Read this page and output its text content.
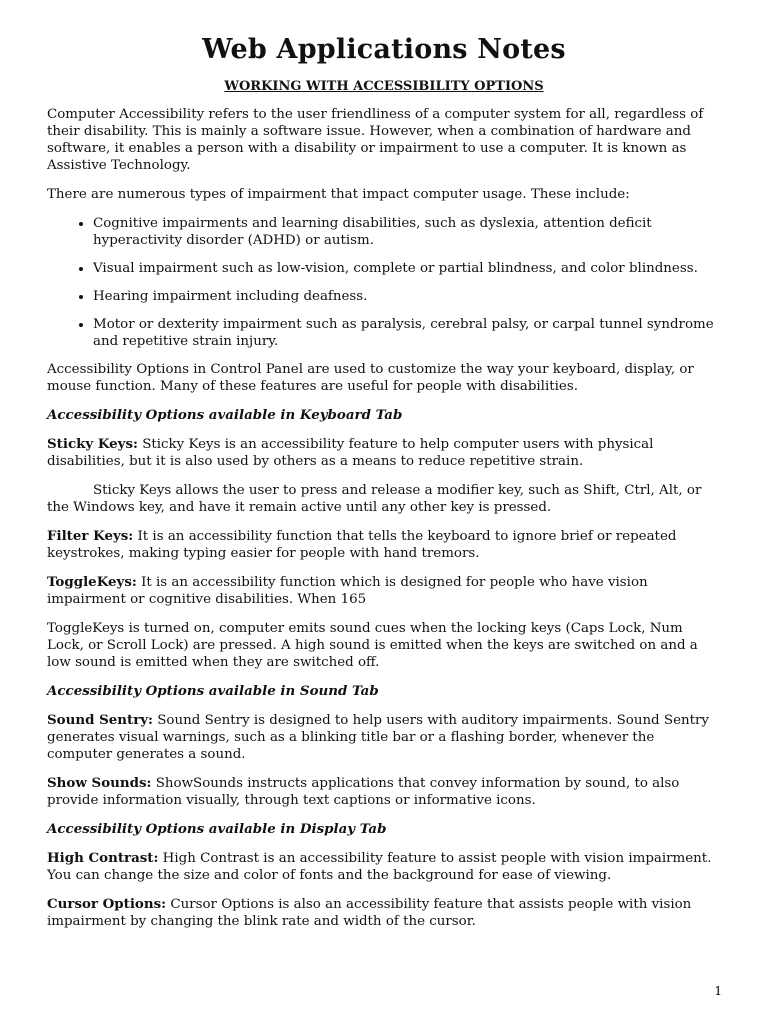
Web Applications Notes
WORKING WITH ACCESSIBILITY OPTIONS

Computer Accessibility refers to the user friendliness of a computer system for all, regardless of their disability. This is mainly a software issue. However, when a combination of hardware and software, it enables a person with a disability or impairment to use a computer. It is known as Assistive Technology.

There are numerous types of impairment that impact computer usage. These include:

• Cognitive impairments and learning disabilities, such as dyslexia, attention deficit hyperactivity disorder (ADHD) or autism.
• Visual impairment such as low-vision, complete or partial blindness, and color blindness.
• Hearing impairment including deafness.
• Motor or dexterity impairment such as paralysis, cerebral palsy, or carpal tunnel syndrome and repetitive strain injury.

Accessibility Options in Control Panel are used to customize the way your keyboard, display, or mouse function. Many of these features are useful for people with disabilities.

Accessibility Options available in Keyboard Tab

Sticky Keys: Sticky Keys is an accessibility feature to help computer users with physical disabilities, but it is also used by others as a means to reduce repetitive strain.

Sticky Keys allows the user to press and release a modifier key, such as Shift, Ctrl, Alt, or the Windows key, and have it remain active until any other key is pressed.

Filter Keys: It is an accessibility function that tells the keyboard to ignore brief or repeated keystrokes, making typing easier for people with hand tremors.

ToggleKeys: It is an accessibility function which is designed for people who have vision impairment or cognitive disabilities. When 165

ToggleKeys is turned on, computer emits sound cues when the locking keys (Caps Lock, Num Lock, or Scroll Lock) are pressed. A high sound is emitted when the keys are switched on and a low sound is emitted when they are switched off.

Accessibility Options available in Sound Tab

Sound Sentry: Sound Sentry is designed to help users with auditory impairments. Sound Sentry generates visual warnings, such as a blinking title bar or a flashing border, whenever the computer generates a sound.

Show Sounds: ShowSounds instructs applications that convey information by sound, to also provide information visually, through text captions or informative icons.

Accessibility Options available in Display Tab

High Contrast: High Contrast is an accessibility feature to assist people with vision impairment. You can change the size and color of fonts and the background for ease of viewing.

Cursor Options: Cursor Options is also an accessibility feature that assists people with vision impairment by changing the blink rate and width of the cursor.

1
